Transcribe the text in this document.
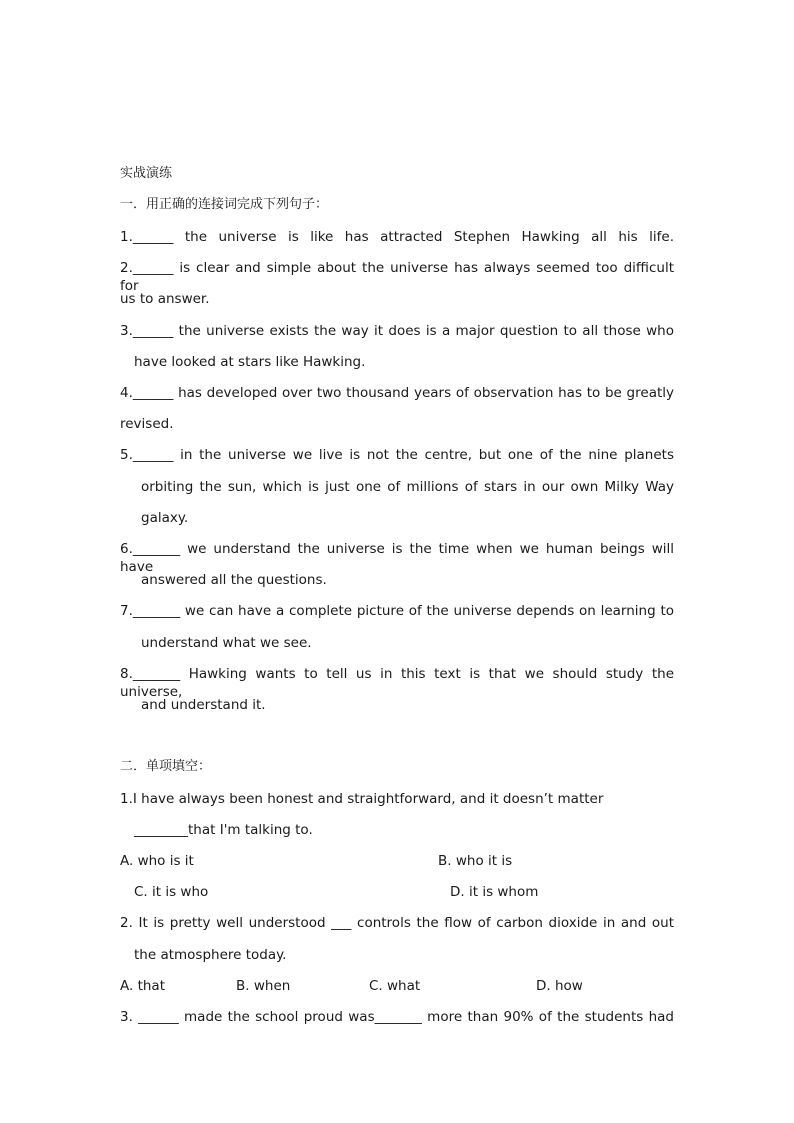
实战演练
一．用正确的连接词完成下列句子：
1.______ the universe is like has attracted Stephen Hawking all his life.
2.______ is clear and simple about the universe has always seemed too difficult for
us to answer.
3.______ the universe exists the way it does is a major question to all those who
have looked at stars like Hawking.
4.______ has developed over two thousand years of observation has to be greatly
revised.
5.______ in the universe we live is not the centre, but one of the nine planets
orbiting the sun, which is just one of millions of stars in our own Milky Way
galaxy.
6._______ we understand the universe is the time when we human beings will have
answered all the questions.
7._______ we can have a complete picture of the universe depends on learning to
understand what we see.
8._______ Hawking wants to tell us in this text is that we should study the universe,
and understand it.
二．单项填空：
1.I have always been honest and straightforward, and it doesn’t matter
________that I'm talking to.
A. who is it	B. who it is
C. it is who	D. it is whom
2. It is pretty well understood ___ controls the flow of carbon dioxide in and out
the atmosphere today.
A. that	B. when	C. what	D. how
3. ______ made the school proud was_______ more than 90% of the students had
